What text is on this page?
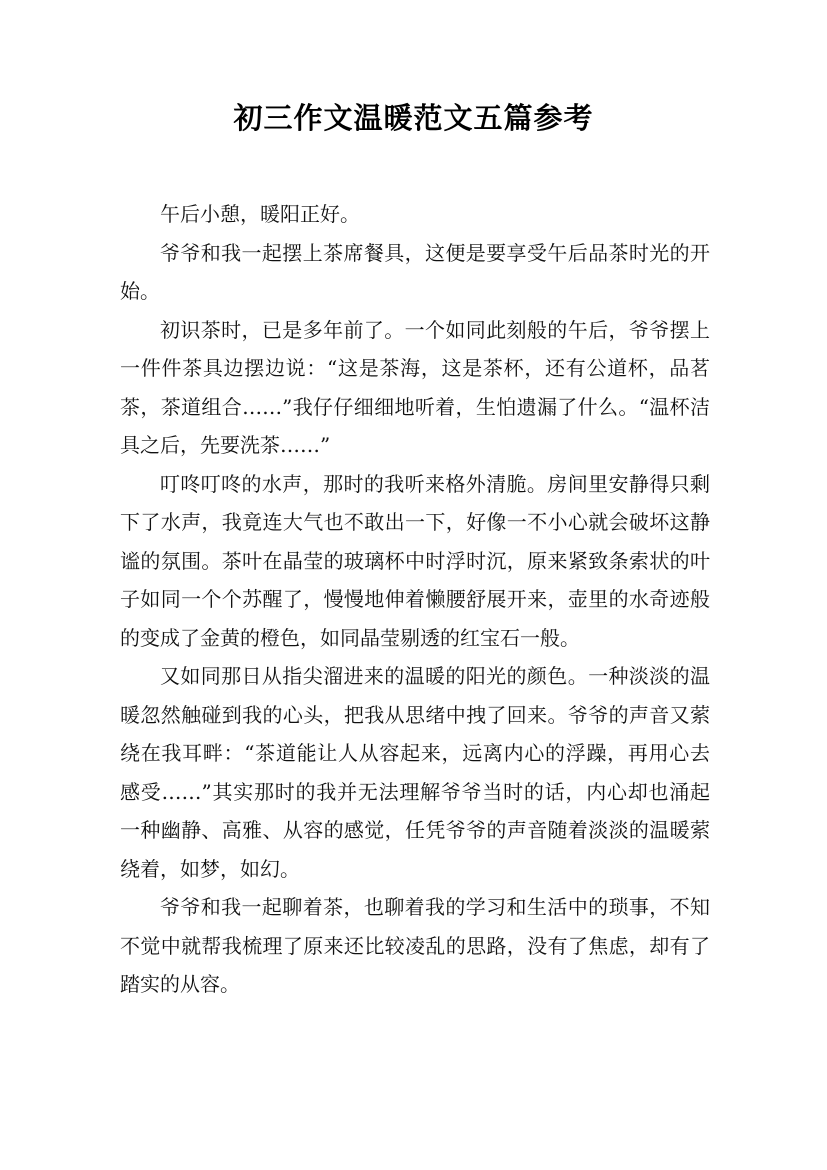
初三作文温暖范文五篇参考

午后小憩，暖阳正好。

爷爷和我一起摆上茶席餐具，这便是要享受午后品茶时光的开始。

初识茶时，已是多年前了。一个如同此刻般的午后，爷爷摆上一件件茶具边摆边说：“这是茶海，这是茶杯，还有公道杯，品茗茶，茶道组合……”我仔仔细细地听着，生怕遗漏了什么。“温杯洁具之后，先要洗茶……”

叮咚叮咚的水声，那时的我听来格外清脆。房间里安静得只剩下了水声，我竟连大气也不敢出一下，好像一不小心就会破坏这静谧的氛围。茶叶在晶莹的玻璃杯中时浮时沉，原来紧致条索状的叶子如同一个个苏醒了，慢慢地伸着懒腰舒展开来，壶里的水奇迹般的变成了金黄的橙色，如同晶莹剔透的红宝石一般。

又如同那日从指尖溜进来的温暖的阳光的颜色。一种淡淡的温暖忽然触碰到我的心头，把我从思绪中拽了回来。爷爷的声音又萦绕在我耳畔：“茶道能让人从容起来，远离内心的浮躁，再用心去感受……”其实那时的我并无法理解爷爷当时的话，内心却也涌起一种幽静、高雅、从容的感觉，任凭爷爷的声音随着淡淡的温暖萦绕着，如梦，如幻。

爷爷和我一起聊着茶，也聊着我的学习和生活中的琐事，不知不觉中就帮我梳理了原来还比较凌乱的思路，没有了焦虑，却有了踏实的从容。
